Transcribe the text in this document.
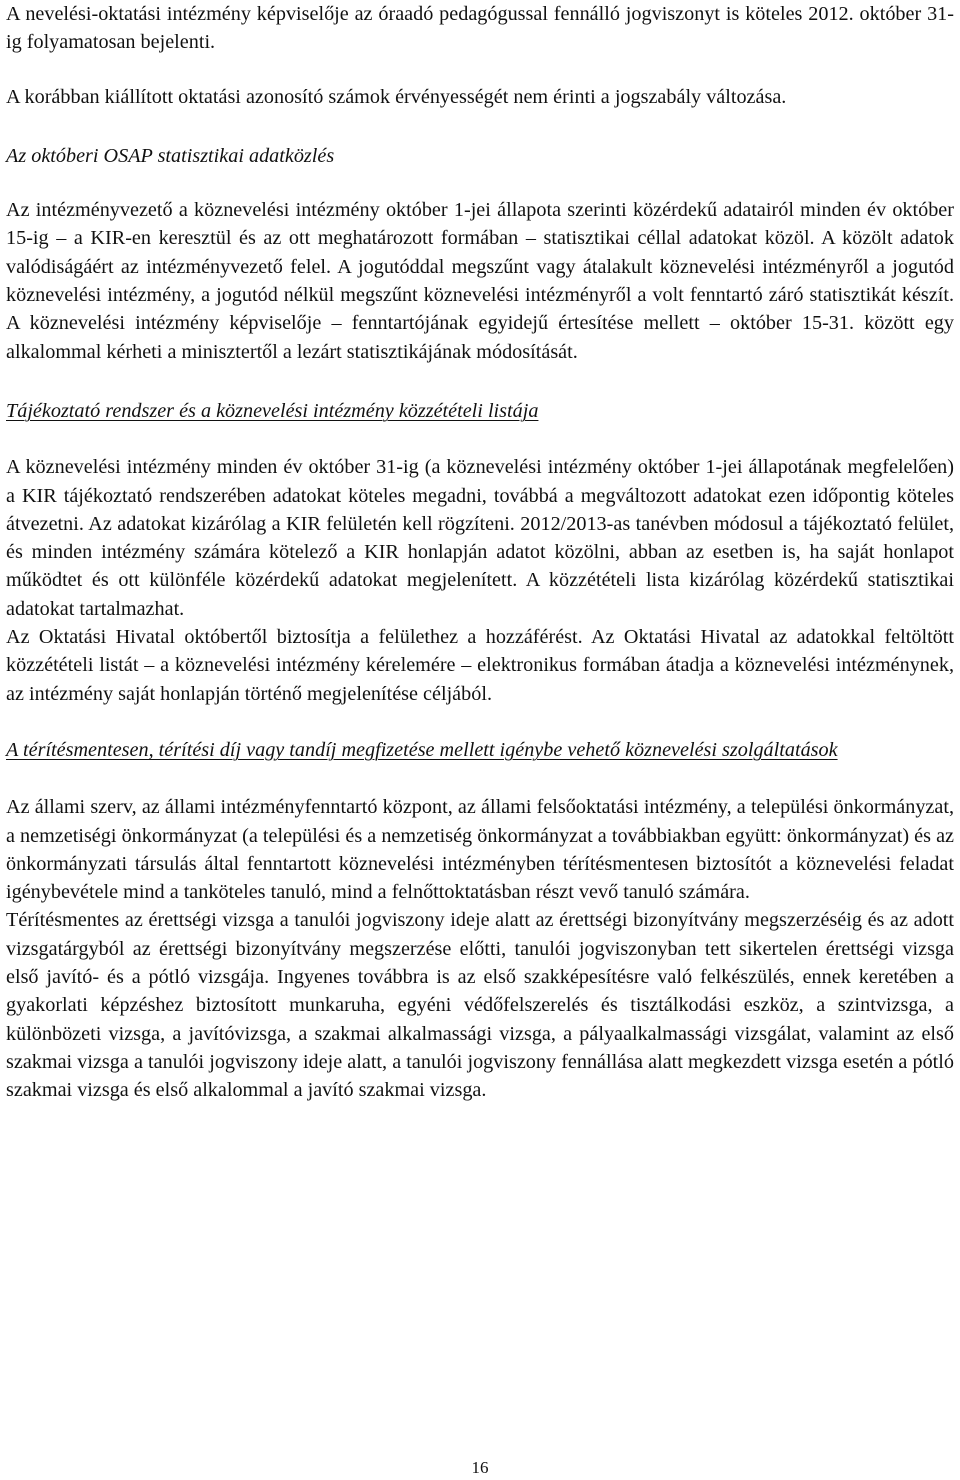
A nevelési-oktatási intézmény képviselője az óraadó pedagógussal fennálló jogviszonyt is köteles 2012. október 31-ig folyamatosan bejelenti.

A korábban kiállított oktatási azonosító számok érvényességét nem érinti a jogszabály változása.

Az októberi OSAP statisztikai adatközlés

Az intézményvezető a köznevelési intézmény október 1-jei állapota szerinti közérdekű adatairól minden év október 15-ig – a KIR-en keresztül és az ott meghatározott formában – statisztikai céllal adatokat közöl. A közölt adatok valódiságáért az intézményvezető felel. A jogutóddal megszűnt vagy átalakult köznevelési intézményről a jogutód köznevelési intézmény, a jogutód nélkül megszűnt köznevelési intézményről a volt fenntartó záró statisztikát készít. A köznevelési intézmény képviselője – fenntartójának egyidejű értesítése mellett – október 15-31. között egy alkalommal kérheti a minisztertől a lezárt statisztikájának módosítását.

Tájékoztató rendszer és a köznevelési intézmény közzétételi listája

A köznevelési intézmény minden év október 31-ig (a köznevelési intézmény október 1-jei állapotának megfelelően) a KIR tájékoztató rendszerében adatokat köteles megadni, továbbá a megváltozott adatokat ezen időpontig köteles átvezetni. Az adatokat kizárólag a KIR felületén kell rögzíteni. 2012/2013-as tanévben módosul a tájékoztató felület, és minden intézmény számára kötelező a KIR honlapján adatot közölni, abban az esetben is, ha saját honlapot működtet és ott különféle közérdekű adatokat megjelenített. A közzétételi lista kizárólag közérdekű statisztikai adatokat tartalmazhat.

Az Oktatási Hivatal októbertől biztosítja a felülethez a hozzáférést. Az Oktatási Hivatal az adatokkal feltöltött közzétételi listát – a köznevelési intézmény kérelemére – elektronikus formában átadja a köznevelési intézménynek, az intézmény saját honlapján történő megjelenítése céljából.

A térítésmentesen, térítési díj vagy tandíj megfizetése mellett igénybe vehető köznevelési szolgáltatások

Az állami szerv, az állami intézményfenntartó központ, az állami felsőoktatási intézmény, a települési önkormányzat, a nemzetiségi önkormányzat (a települési és a nemzetiség önkormányzat a továbbiakban együtt: önkormányzat) és az önkormányzati társulás által fenntartott köznevelési intézményben térítésmentesen biztosítót a köznevelési feladat igénybevétele mind a tanköteles tanuló, mind a felnőttoktatásban részt vevő tanuló számára.

Térítésmentes az érettségi vizsga a tanulói jogviszony ideje alatt az érettségi bizonyítvány megszerzéséig és az adott vizsgatárgyból az érettségi bizonyítvány megszerzése előtti, tanulói jogviszonyban tett sikertelen érettségi vizsga első javító- és a pótló vizsgája. Ingyenes továbbra is az első szakképesítésre való felkészülés, ennek keretében a gyakorlati képzéshez biztosított munkaruha, egyéni védőfelszerelés és tisztálkodási eszköz, a szintvizsga, a különbözeti vizsga, a javítóvizsga, a szakmai alkalmassági vizsga, a pályaalkalmassági vizsgálat, valamint az első szakmai vizsga a tanulói jogviszony ideje alatt, a tanulói jogviszony fennállása alatt megkezdett vizsga esetén a pótló szakmai vizsga és első alkalommal a javító szakmai vizsga.

16
